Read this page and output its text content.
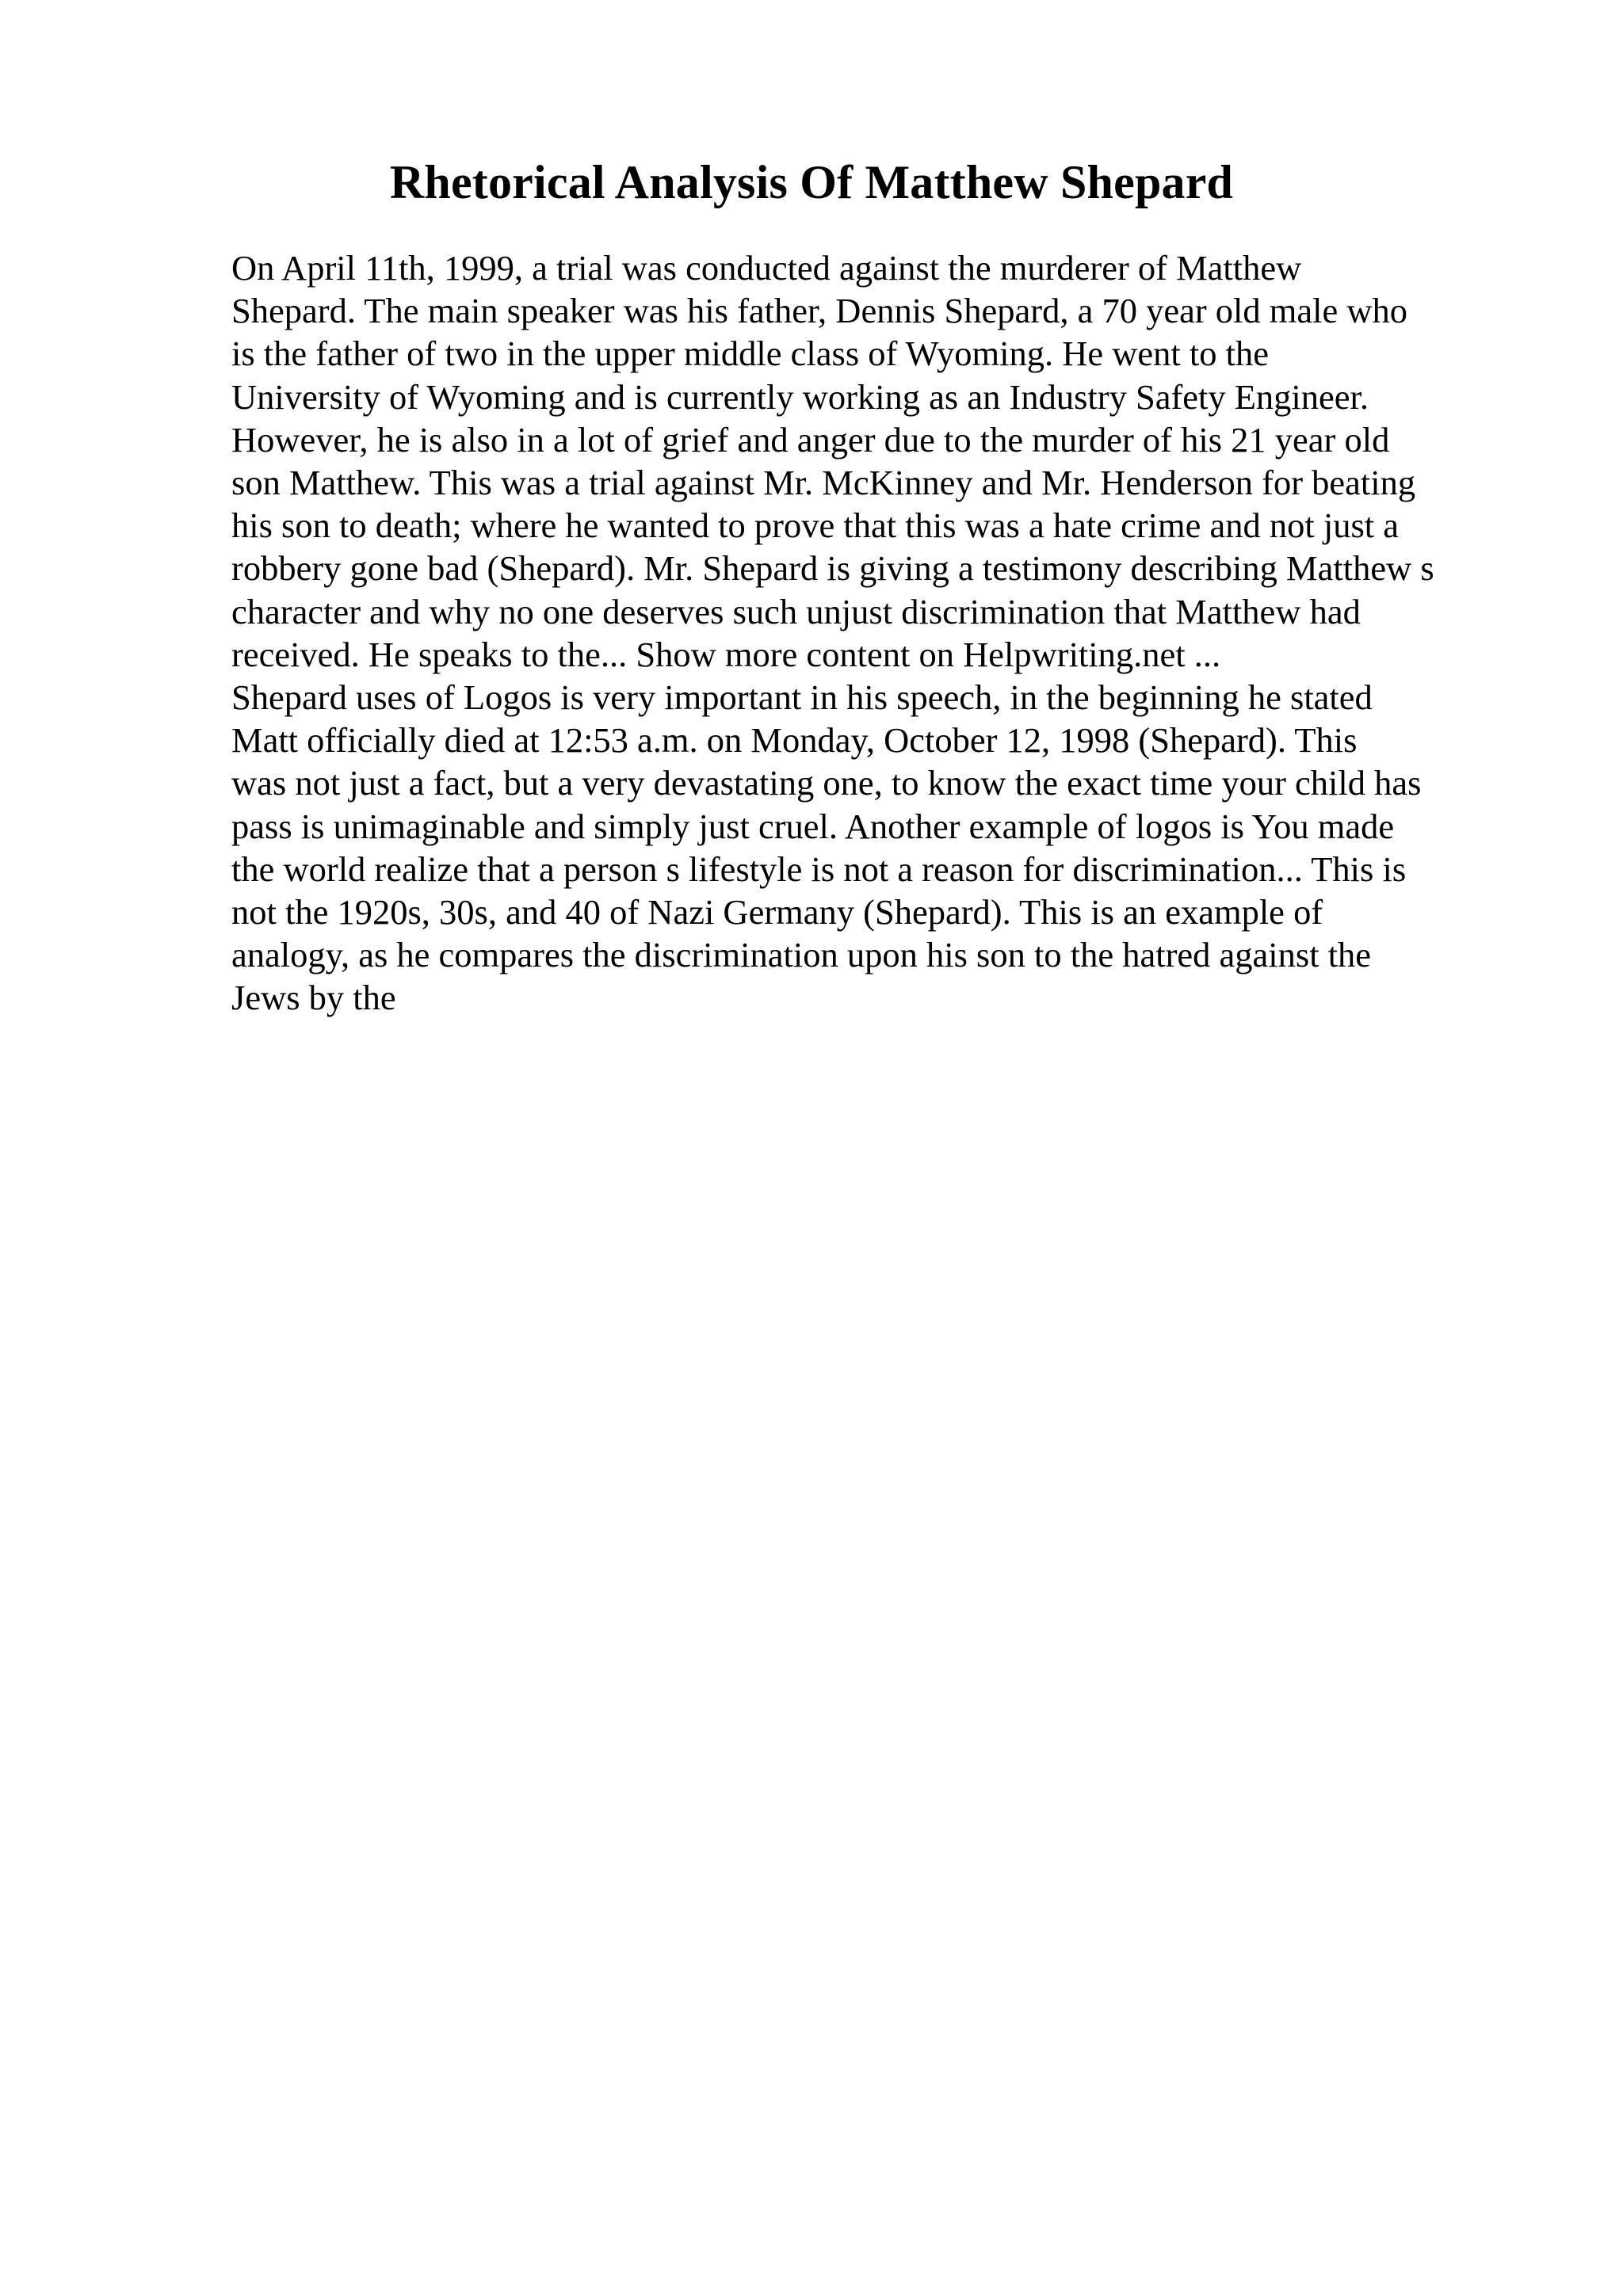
Rhetorical Analysis Of Matthew Shepard
On April 11th, 1999, a trial was conducted against the murderer of Matthew
Shepard. The main speaker was his father, Dennis Shepard, a 70 year old male who
is the father of two in the upper middle class of Wyoming. He went to the
University of Wyoming and is currently working as an Industry Safety Engineer.
However, he is also in a lot of grief and anger due to the murder of his 21 year old
son Matthew. This was a trial against Mr. McKinney and Mr. Henderson for beating
his son to death; where he wanted to prove that this was a hate crime and not just a
robbery gone bad (Shepard). Mr. Shepard is giving a testimony describing Matthew s
character and why no one deserves such unjust discrimination that Matthew had
received. He speaks to the... Show more content on Helpwriting.net ...
Shepard uses of Logos is very important in his speech, in the beginning he stated
Matt officially died at 12:53 a.m. on Monday, October 12, 1998 (Shepard). This
was not just a fact, but a very devastating one, to know the exact time your child has
pass is unimaginable and simply just cruel. Another example of logos is You made
the world realize that a person s lifestyle is not a reason for discrimination... This is
not the 1920s, 30s, and 40 of Nazi Germany (Shepard). This is an example of
analogy, as he compares the discrimination upon his son to the hatred against the
Jews by the
